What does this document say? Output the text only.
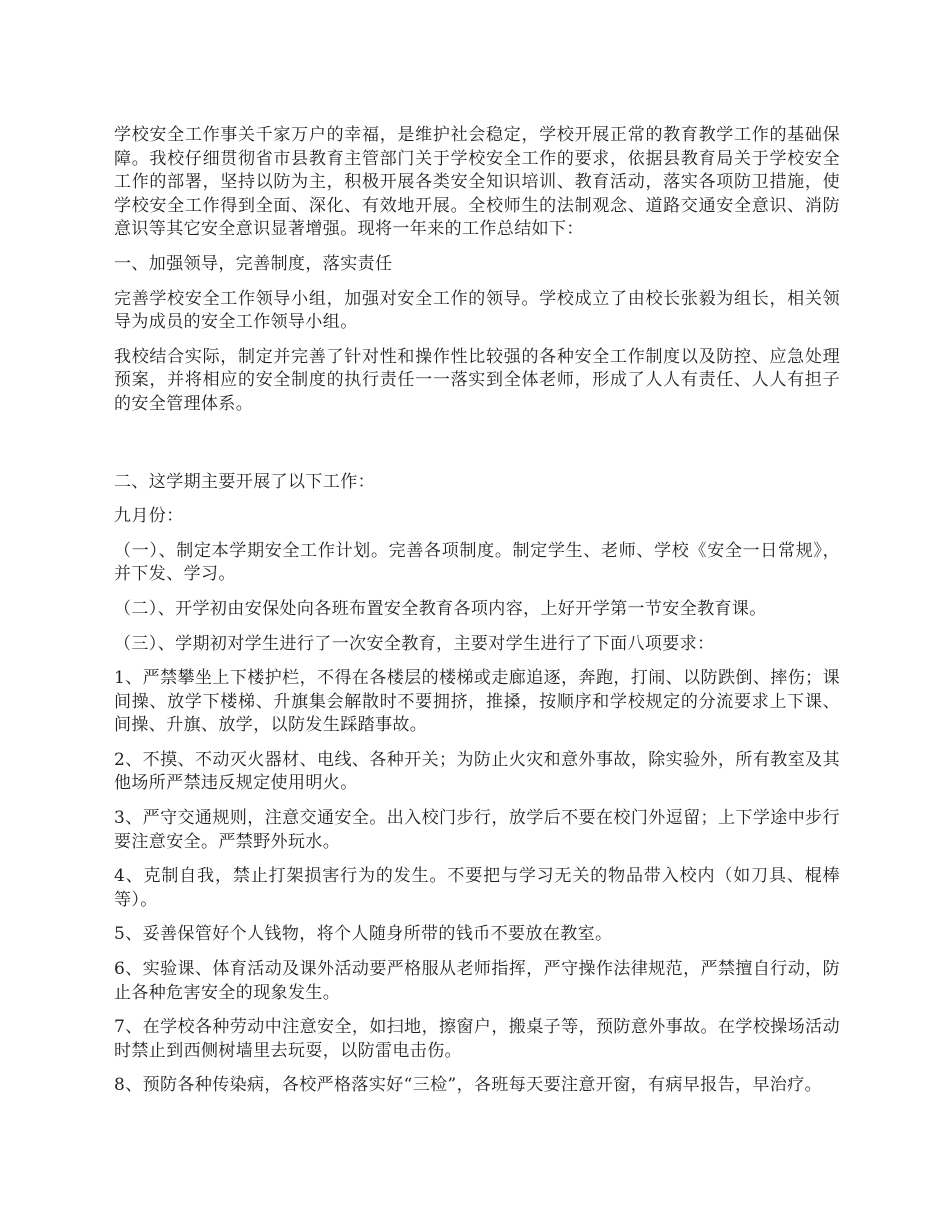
学校安全工作事关千家万户的幸福，是维护社会稳定，学校开展正常的教育教学工作的基础保障。我校仔细贯彻省市县教育主管部门关于学校安全工作的要求，依据县教育局关于学校安全工作的部署，坚持以防为主，积极开展各类安全知识培训、教育活动，落实各项防卫措施，使学校安全工作得到全面、深化、有效地开展。全校师生的法制观念、道路交通安全意识、消防意识等其它安全意识显著增强。现将一年来的工作总结如下：

一、加强领导，完善制度，落实责任

完善学校安全工作领导小组，加强对安全工作的领导。学校成立了由校长张毅为组长，相关领导为成员的安全工作领导小组。

我校结合实际，制定并完善了针对性和操作性比较强的各种安全工作制度以及防控、应急处理预案，并将相应的安全制度的执行责任一一落实到全体老师，形成了人人有责任、人人有担子的安全管理体系。

二、这学期主要开展了以下工作：

九月份：

（一）、制定本学期安全工作计划。完善各项制度。制定学生、老师、学校《安全一日常规》，并下发、学习。

（二）、开学初由安保处向各班布置安全教育各项内容，上好开学第一节安全教育课。

（三）、学期初对学生进行了一次安全教育，主要对学生进行了下面八项要求：

1、严禁攀坐上下楼护栏，不得在各楼层的楼梯或走廊追逐，奔跑，打闹、以防跌倒、摔伤；课间操、放学下楼梯、升旗集会解散时不要拥挤，推搡，按顺序和学校规定的分流要求上下课、间操、升旗、放学，以防发生踩踏事故。

2、不摸、不动灭火器材、电线、各种开关；为防止火灾和意外事故，除实验外，所有教室及其他场所严禁违反规定使用明火。

3、严守交通规则，注意交通安全。出入校门步行，放学后不要在校门外逗留；上下学途中步行要注意安全。严禁野外玩水。

4、克制自我，禁止打架损害行为的发生。不要把与学习无关的物品带入校内（如刀具、棍棒等）。

5、妥善保管好个人钱物，将个人随身所带的钱币不要放在教室。

6、实验课、体育活动及课外活动要严格服从老师指挥，严守操作法律规范，严禁擅自行动，防止各种危害安全的现象发生。

7、在学校各种劳动中注意安全，如扫地，擦窗户，搬桌子等，预防意外事故。在学校操场活动时禁止到西侧树墙里去玩耍，以防雷电击伤。

8、预防各种传染病，各校严格落实好“三检”，各班每天要注意开窗，有病早报告，早治疗。
